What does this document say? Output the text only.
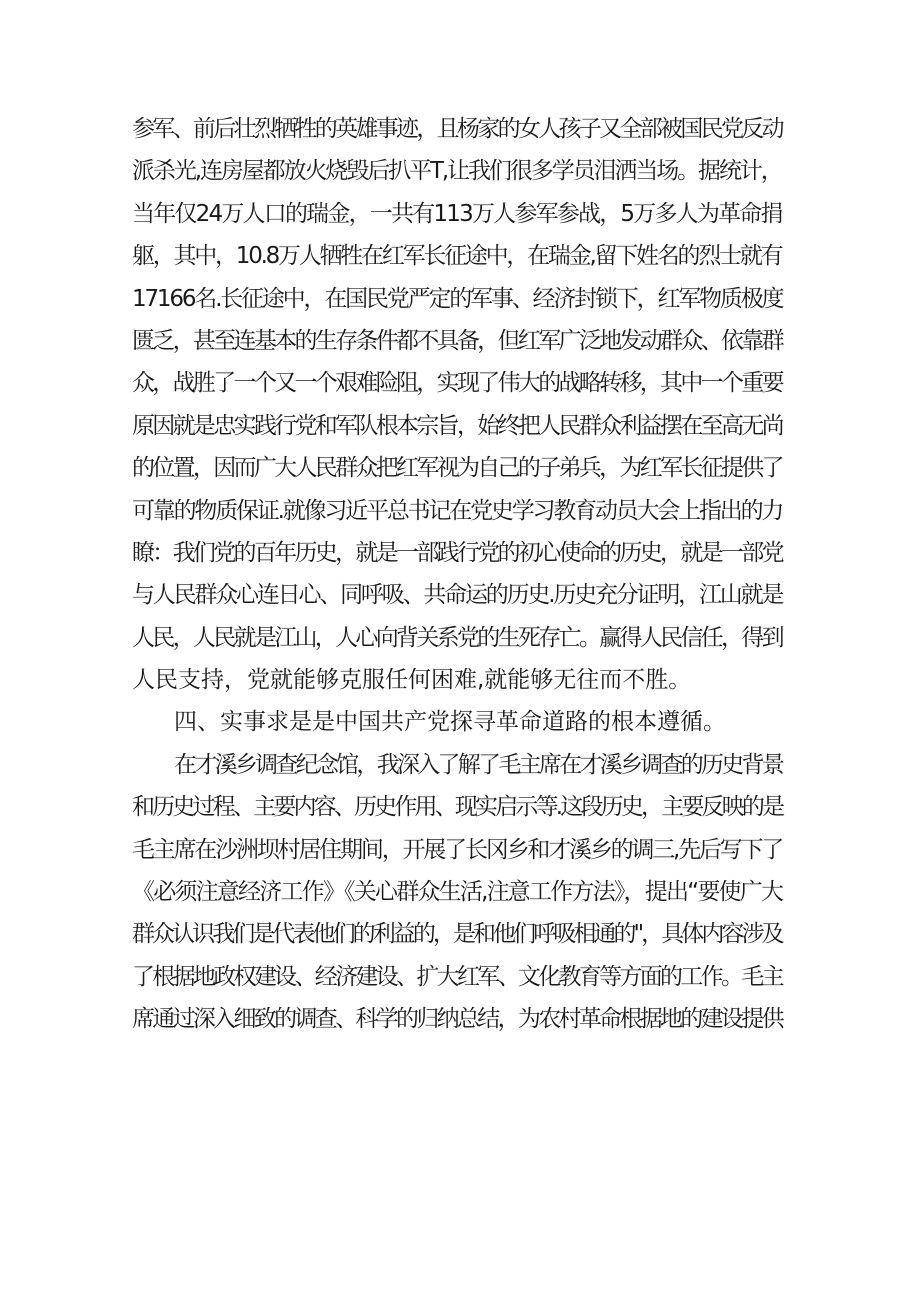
参军、前后壮烈牺牲的英雄事迹，且杨家的女人孩子又全部被国民党反动
派杀光,连房屋都放火烧毁后扒平T,让我们很多学员泪洒当场。据统计，
当年仅24万人口的瑞金，一共有113万人参军参战，5万多人为革命捐
躯，其中，10.8万人牺牲在红军长征途中，在瑞金,留下姓名的烈士就有
17166名.长征途中，在国民党严定的军事、经济封锁下，红军物质极度
匮乏，甚至连基本的生存条件都不具备，但红军广泛地发动群众、依靠群
众，战胜了一个又一个艰难险阻，实现了伟大的战略转移，其中一个重要
原因就是忠实践行党和军队根本宗旨，始终把人民群众利益摆在至高无尚
的位置，因而广大人民群众把红军视为自己的子弟兵，为红军长征提供了
可靠的物质保证.就像习近平总书记在党史学习教育动员大会上指出的力
瞭：我们党的百年历史，就是一部践行党的初心使命的历史，就是一部党
与人民群众心连日心、同呼吸、共命运的历史.历史充分证明，江山就是
人民，人民就是江山，人心向背关系党的生死存亡。赢得人民信任，得到
人民支持，党就能够克服任何困难,就能够无往而不胜。
四、实事求是是中国共产党探寻革命道路的根本遵循。
在才溪乡调查纪念馆，我深入了解了毛主席在才溪乡调查的历史背景
和历史过程、主要内容、历史作用、现实启示等.这段历史，主要反映的是
毛主席在沙洲坝村居住期间，开展了长冈乡和才溪乡的调三,先后写下了
《必须注意经济工作》《关心群众生活,注意工作方法》，提出“要使广大
群众认识我们是代表他们的利益的，是和他们呼吸相通的"，具体内容涉及
了根据地政权建设、经济建设、扩大红军、文化教育等方面的工作。毛主
席通过深入细致的调查、科学的归纳总结，为农村革命根据地的建设提供
